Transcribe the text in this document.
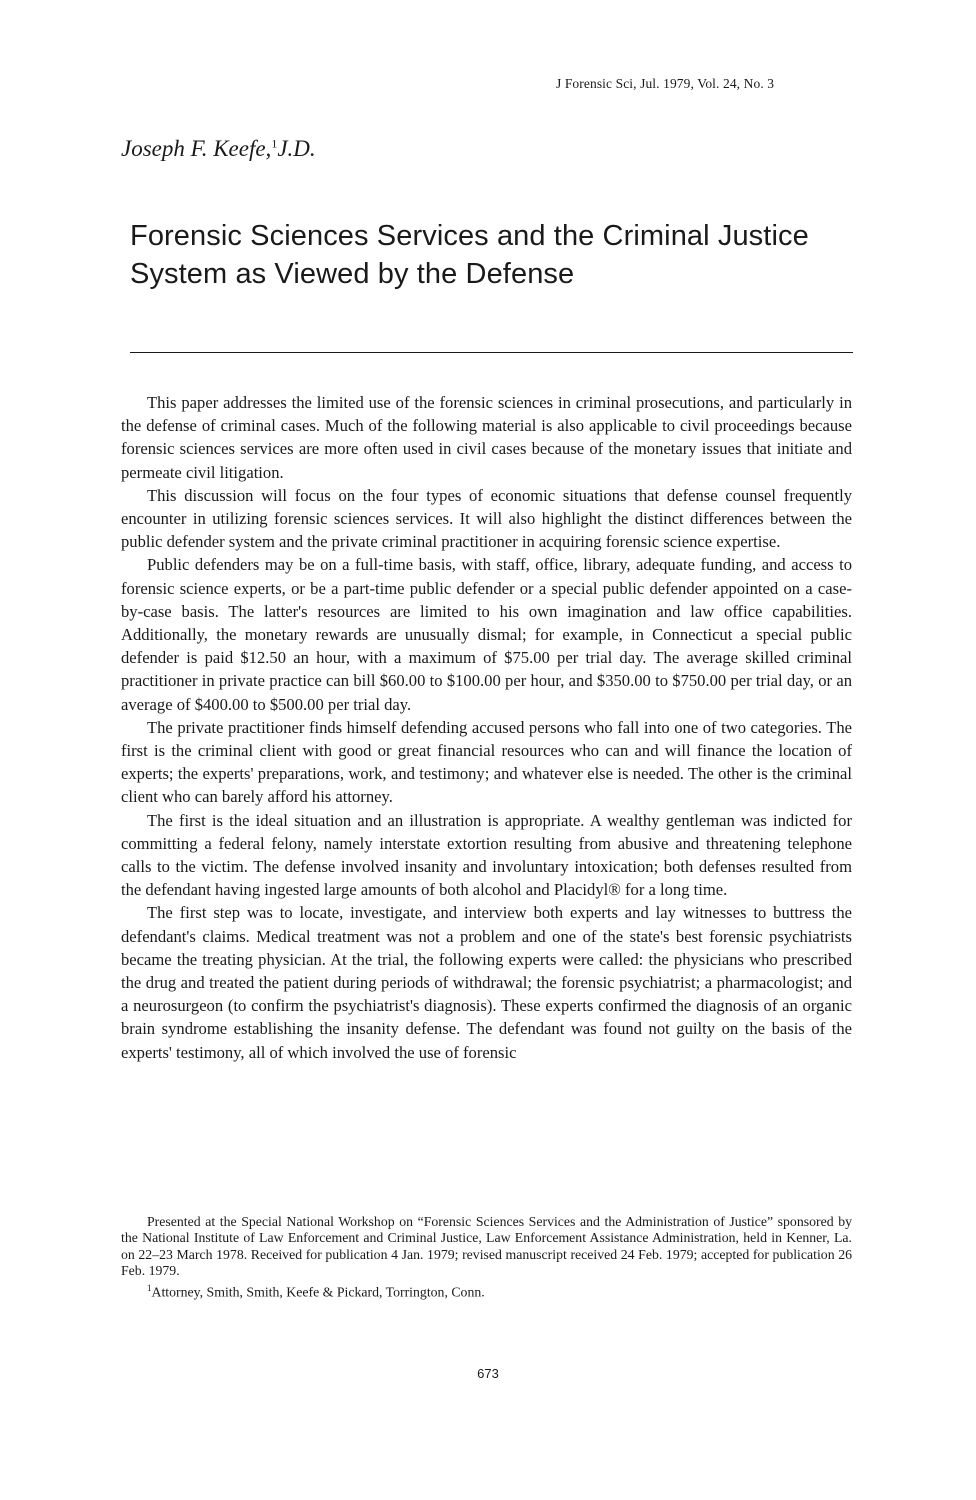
J Forensic Sci, Jul. 1979, Vol. 24, No. 3
Joseph F. Keefe,$^1$J.D.
Forensic Sciences Services and the Criminal Justice System as Viewed by the Defense

This paper addresses the limited use of the forensic sciences in criminal prosecutions, and particularly in the defense of criminal cases. Much of the following material is also applicable to civil proceedings because forensic sciences services are more often used in civil cases because of the monetary issues that initiate and permeate civil litigation.

This discussion will focus on the four types of economic situations that defense counsel frequently encounter in utilizing forensic sciences services. It will also highlight the distinct differences between the public defender system and the private criminal practitioner in acquiring forensic science expertise.

Public defenders may be on a full-time basis, with staff, office, library, adequate funding, and access to forensic science experts, or be a part-time public defender or a special public defender appointed on a case-by-case basis. The latter's resources are limited to his own imagination and law office capabilities. Additionally, the monetary rewards are unusually dismal; for example, in Connecticut a special public defender is paid $12.50 an hour, with a maximum of $75.00 per trial day. The average skilled criminal practitioner in private practice can bill $60.00 to $100.00 per hour, and $350.00 to $750.00 per trial day, or an average of $400.00 to $500.00 per trial day.

The private practitioner finds himself defending accused persons who fall into one of two categories. The first is the criminal client with good or great financial resources who can and will finance the location of experts; the experts' preparations, work, and testimony; and whatever else is needed. The other is the criminal client who can barely afford his attorney.

The first is the ideal situation and an illustration is appropriate. A wealthy gentleman was indicted for committing a federal felony, namely interstate extortion resulting from abusive and threatening telephone calls to the victim. The defense involved insanity and involuntary intoxication; both defenses resulted from the defendant having ingested large amounts of both alcohol and Placidyl® for a long time.

The first step was to locate, investigate, and interview both experts and lay witnesses to buttress the defendant's claims. Medical treatment was not a problem and one of the state's best forensic psychiatrists became the treating physician. At the trial, the following experts were called: the physicians who prescribed the drug and treated the patient during periods of withdrawal; the forensic psychiatrist; a pharmacologist; and a neurosurgeon (to confirm the psychiatrist's diagnosis). These experts confirmed the diagnosis of an organic brain syndrome establishing the insanity defense. The defendant was found not guilty on the basis of the experts' testimony, all of which involved the use of forensic

Presented at the Special National Workshop on “Forensic Sciences Services and the Administration of Justice” sponsored by the National Institute of Law Enforcement and Criminal Justice, Law Enforcement Assistance Administration, held in Kenner, La. on 22–23 March 1978. Received for publication 4 Jan. 1979; revised manuscript received 24 Feb. 1979; accepted for publication 26 Feb. 1979.

$^1$Attorney, Smith, Smith, Keefe & Pickard, Torrington, Conn.

673
